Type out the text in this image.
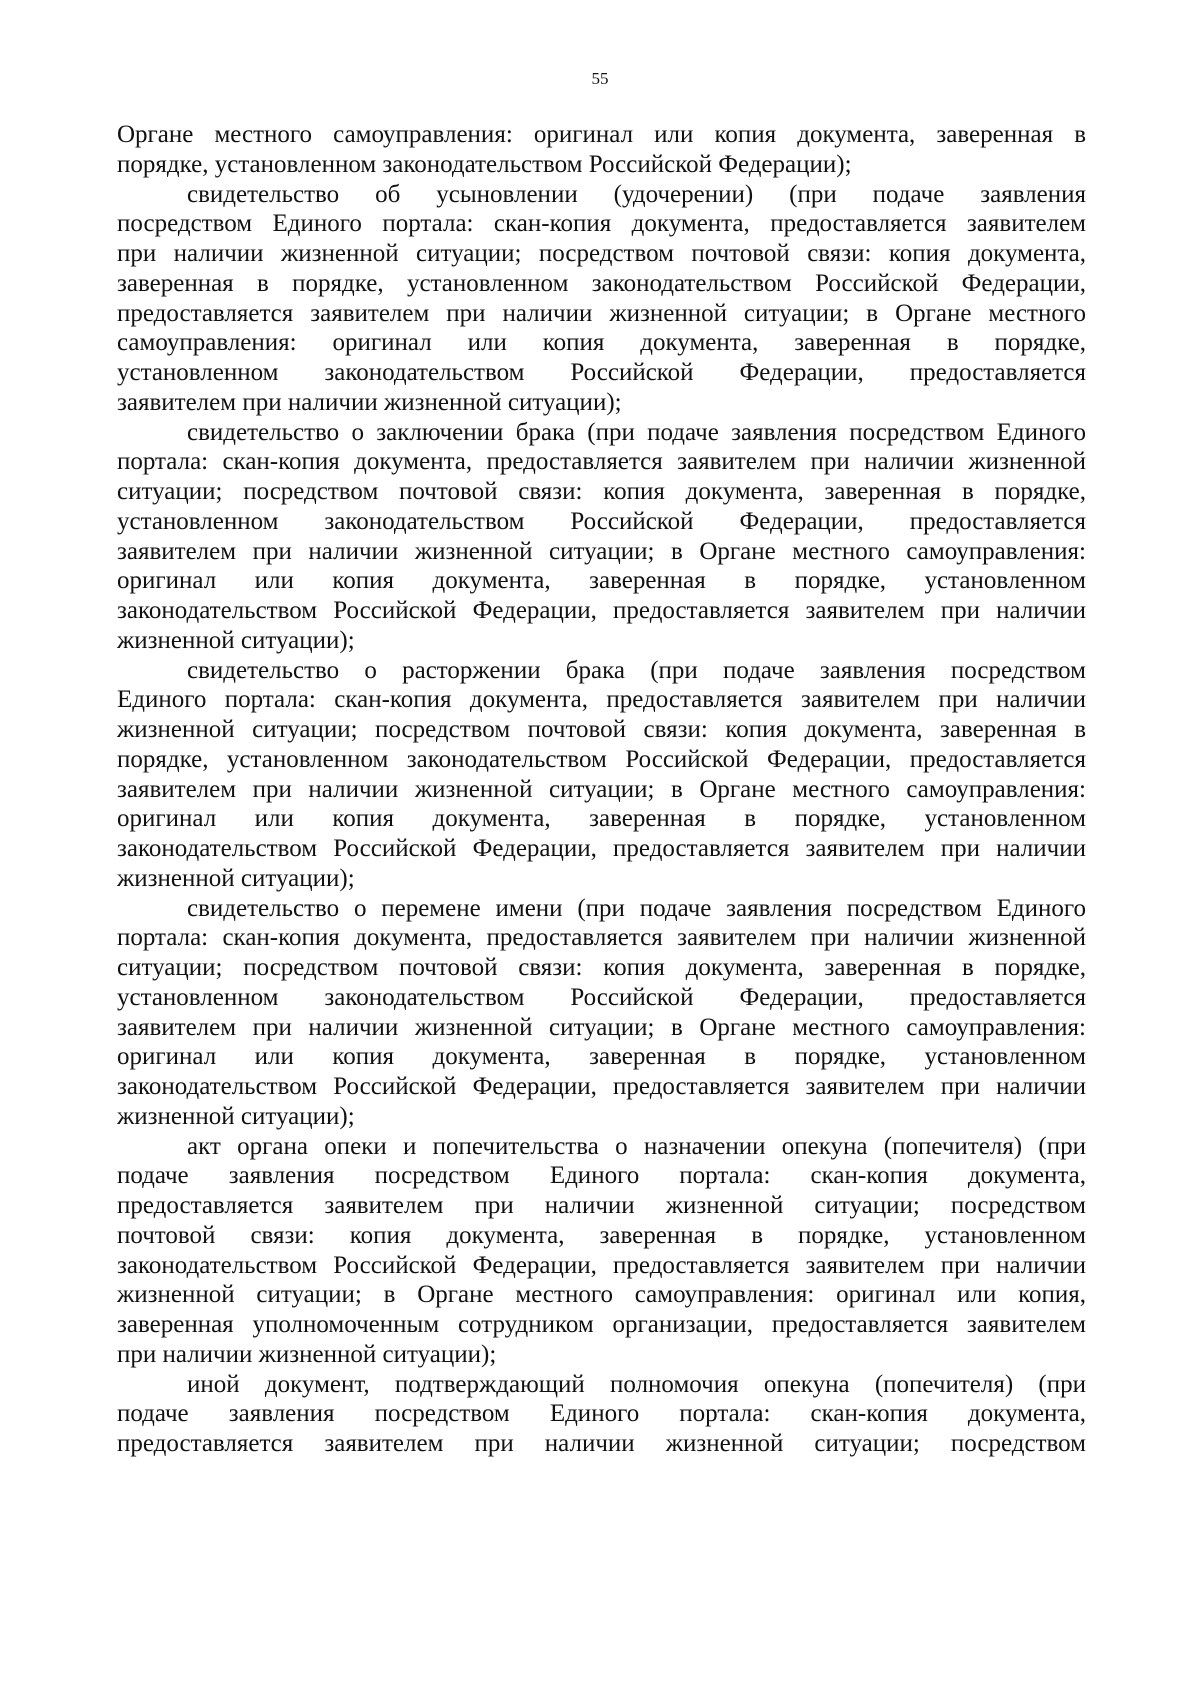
55
Органе местного самоуправления: оригинал или копия документа, заверенная в
порядке, установленном законодательством Российской Федерации);
свидетельство об усыновлении (удочерении) (при подаче заявления
посредством Единого портала: скан-копия документа, предоставляется заявителем
при наличии жизненной ситуации; посредством почтовой связи: копия документа,
заверенная в порядке, установленном законодательством Российской Федерации,
предоставляется заявителем при наличии жизненной ситуации; в Органе местного
самоуправления: оригинал или копия документа, заверенная в порядке,
установленном законодательством Российской Федерации, предоставляется
заявителем при наличии жизненной ситуации);
свидетельство о заключении брака (при подаче заявления посредством Единого
портала: скан-копия документа, предоставляется заявителем при наличии жизненной
ситуации; посредством почтовой связи: копия документа, заверенная в порядке,
установленном законодательством Российской Федерации, предоставляется
заявителем при наличии жизненной ситуации; в Органе местного самоуправления:
оригинал или копия документа, заверенная в порядке, установленном
законодательством Российской Федерации, предоставляется заявителем при наличии
жизненной ситуации);
свидетельство о расторжении брака (при подаче заявления посредством
Единого портала: скан-копия документа, предоставляется заявителем при наличии
жизненной ситуации; посредством почтовой связи: копия документа, заверенная в
порядке, установленном законодательством Российской Федерации, предоставляется
заявителем при наличии жизненной ситуации; в Органе местного самоуправления:
оригинал или копия документа, заверенная в порядке, установленном
законодательством Российской Федерации, предоставляется заявителем при наличии
жизненной ситуации);
свидетельство о перемене имени (при подаче заявления посредством Единого
портала: скан-копия документа, предоставляется заявителем при наличии жизненной
ситуации; посредством почтовой связи: копия документа, заверенная в порядке,
установленном законодательством Российской Федерации, предоставляется
заявителем при наличии жизненной ситуации; в Органе местного самоуправления:
оригинал или копия документа, заверенная в порядке, установленном
законодательством Российской Федерации, предоставляется заявителем при наличии
жизненной ситуации);
акт органа опеки и попечительства о назначении опекуна (попечителя) (при
подаче заявления посредством Единого портала: скан-копия документа,
предоставляется заявителем при наличии жизненной ситуации; посредством
почтовой связи: копия документа, заверенная в порядке, установленном
законодательством Российской Федерации, предоставляется заявителем при наличии
жизненной ситуации; в Органе местного самоуправления: оригинал или копия,
заверенная уполномоченным сотрудником организации, предоставляется заявителем
при наличии жизненной ситуации);
иной документ, подтверждающий полномочия опекуна (попечителя) (при
подаче заявления посредством Единого портала: скан-копия документа,
предоставляется заявителем при наличии жизненной ситуации; посредством
